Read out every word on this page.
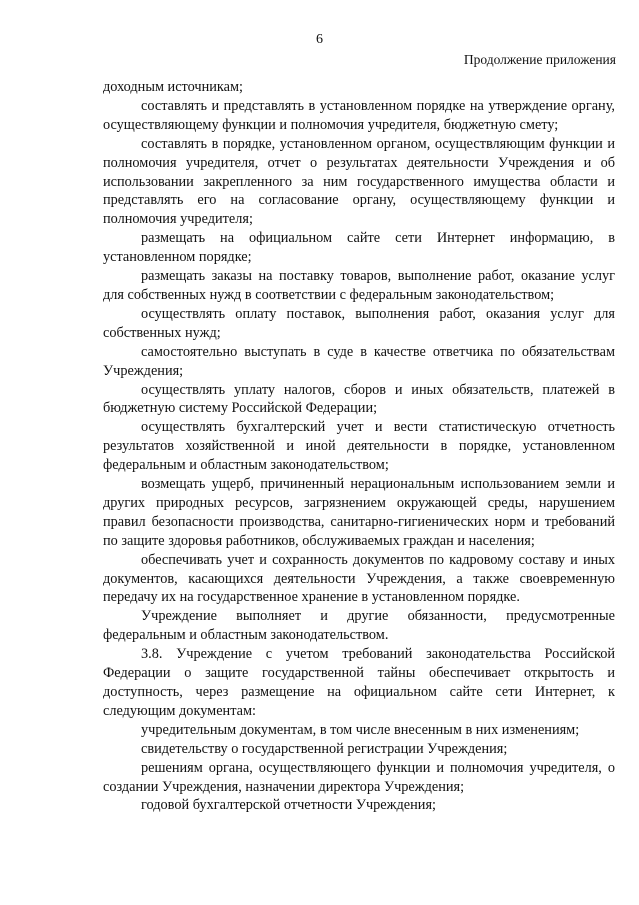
6
Продолжение приложения

доходным источникам;

составлять и представлять в установленном порядке на утверждение органу, осуществляющему функции и полномочия учредителя, бюджетную смету;

составлять в порядке, установленном органом, осуществляющим функции и полномочия учредителя, отчет о результатах деятельности Учреждения и об использовании закрепленного за ним государственного имущества области и представлять его на согласование органу, осуществляющему функции и полномочия учредителя;

размещать на официальном сайте сети Интернет информацию, в установленном порядке;

размещать заказы на поставку товаров, выполнение работ, оказание услуг для собственных нужд в соответствии с федеральным законодательством;

осуществлять оплату поставок, выполнения работ, оказания услуг для собственных нужд;

самостоятельно выступать в суде в качестве ответчика по обязательствам Учреждения;

осуществлять уплату налогов, сборов и иных обязательств, платежей в бюджетную систему Российской Федерации;

осуществлять бухгалтерский учет и вести статистическую отчетность результатов хозяйственной и иной деятельности в порядке, установленном федеральным и областным законодательством;

возмещать ущерб, причиненный нерациональным использованием земли и других природных ресурсов, загрязнением окружающей среды, нарушением правил безопасности производства, санитарно-гигиенических норм и требований по защите здоровья работников, обслуживаемых граждан и населения;

обеспечивать учет и сохранность документов по кадровому составу и иных документов, касающихся деятельности Учреждения, а также своевременную передачу их на государственное хранение в установленном порядке.

Учреждение выполняет и другие обязанности, предусмотренные федеральным и областным законодательством.

3.8. Учреждение с учетом требований законодательства Российской Федерации о защите государственной тайны обеспечивает открытость и доступность, через размещение на официальном сайте сети Интернет, к следующим документам:

учредительным документам, в том числе внесенным в них изменениям;

свидетельству о государственной регистрации Учреждения;

решениям органа, осуществляющего функции и полномочия учредителя, о создании Учреждения, назначении директора Учреждения;

годовой бухгалтерской отчетности Учреждения;
